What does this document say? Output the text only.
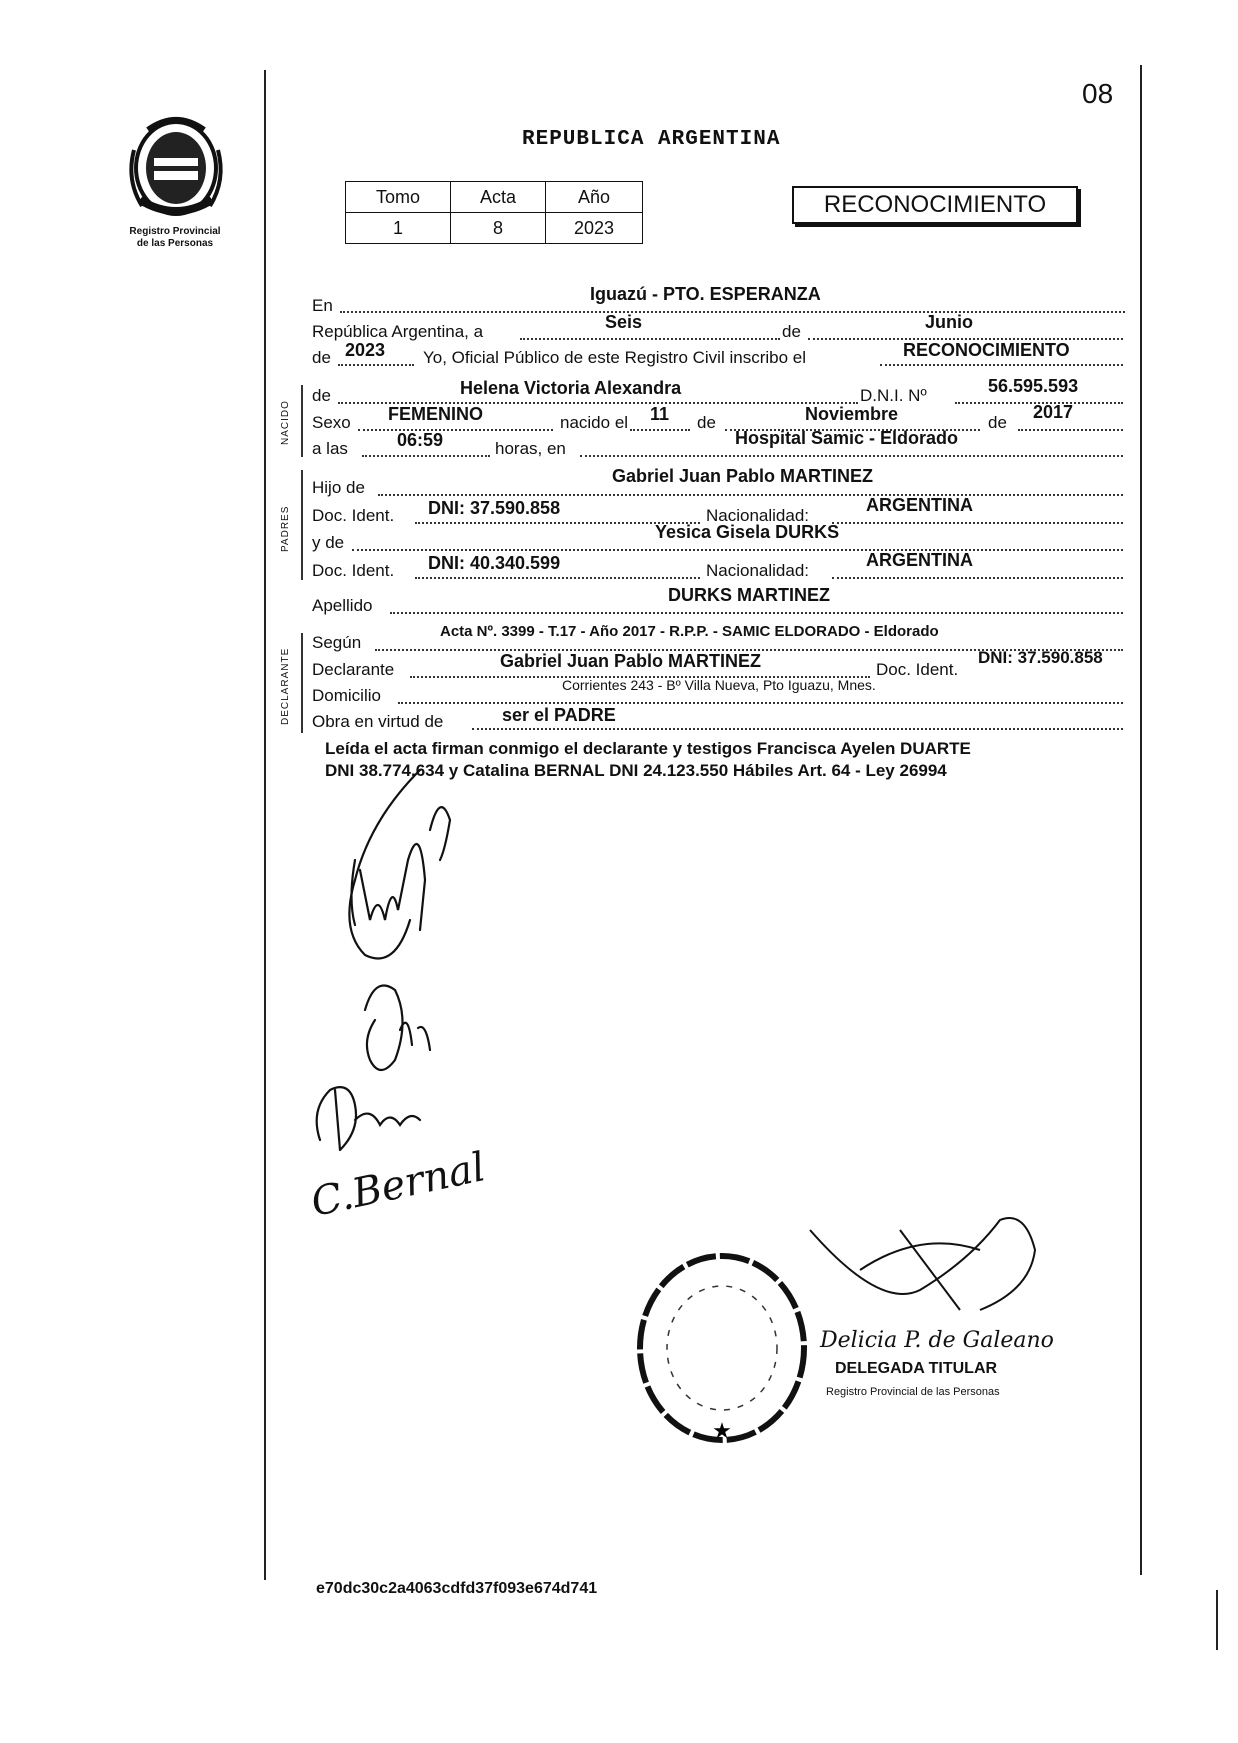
08
Registro Provincial
de las Personas
REPUBLICA ARGENTINA
Tomo	Acta	Año
1	8	2023
RECONOCIMIENTO
En
Iguazú - PTO. ESPERANZA
República Argentina, a	Seis	de	Junio
de 2023 Yo, Oficial Público de este Registro Civil inscribo el	RECONOCIMIENTO
NACIDO
de	Helena Victoria Alexandra	D.N.I. Nº	56.595.593
Sexo FEMENINO	nacido el 11 de	Noviembre	de
2017
a las	06:59	horas, en
Hospital Samic - Eldorado
PADRES
Hijo de
Gabriel Juan Pablo MARTINEZ
Doc. Ident. DNI: 37.590.858	Nacionalidad:
ARGENTINA
y de
Yesica Gisela DURKS
Doc. Ident. DNI: 40.340.599	Nacionalidad:
ARGENTINA
Apellido
DURKS MARTINEZ
DECLARANTE
Según
Acta Nº. 3399 - T.17 - Año 2017 - R.P.P. - SAMIC ELDORADO - Eldorado
Declarante	Gabriel Juan Pablo MARTINEZ	Doc. Ident.
DNI: 37.590.858
Domicilio
Corrientes 243 - Bº Villa Nueva, Pto Iguazu, Mnes.
Obra en virtud de	ser el PADRE
Leída el acta firman conmigo el declarante y testigos Francisca Ayelen DUARTE
DNI 38.774.634 y Catalina BERNAL DNI 24.123.550 Hábiles Art. 64 - Ley 26994
C.Bernal
★
Delicia P. de Galeano
DELEGADA TITULAR
Registro Provincial de las Personas
e70dc30c2a4063cdfd37f093e674d741
